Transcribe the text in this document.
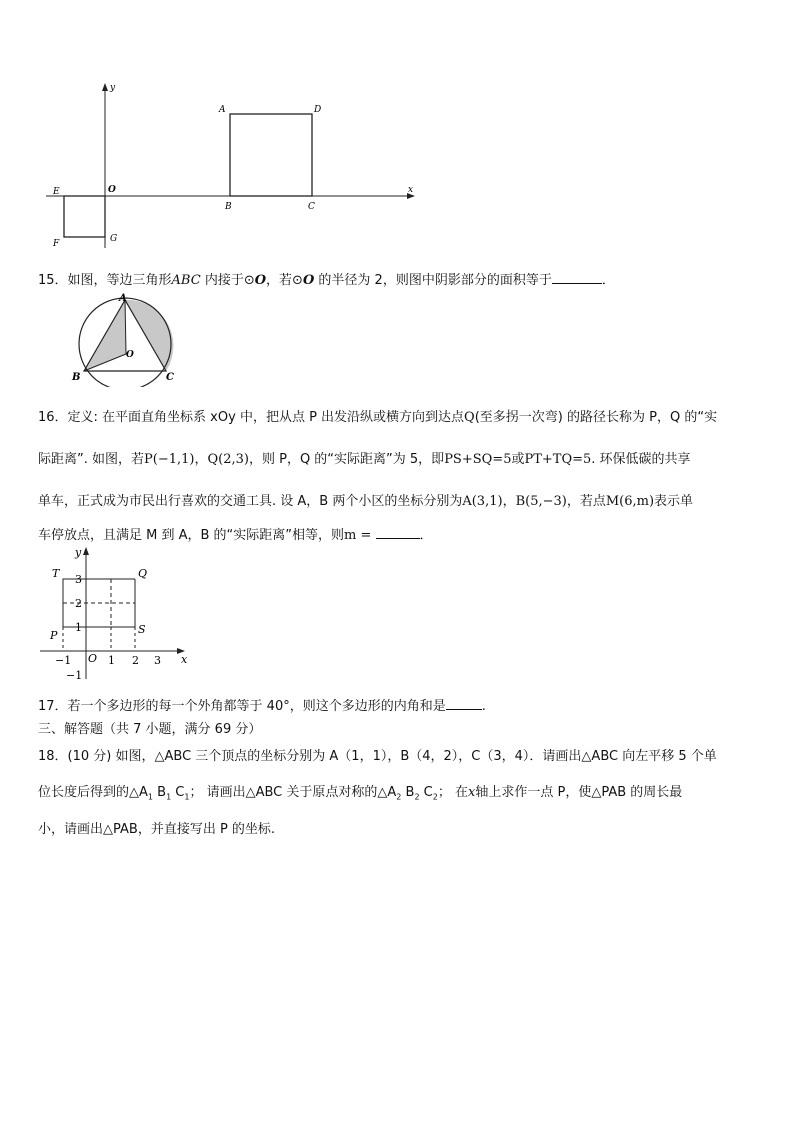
y
x
O
A	D
B	C
E
F	G
15．如图，等边三角形ABC 内接于⊙O，若⊙O 的半径为 2，则图中阴影部分的面积等于	．
A
B	C
O
16．定义: 在平面直角坐标系 xOy 中，把从点 P 出发沿纵或横方向到达点Q(至多拐一次弯) 的路径长称为 P，Q 的“实
际距离”. 如图，若P(−1,1)，Q(2,3)，则 P，Q 的“实际距离”为 5，即PS+SQ=5或PT+TQ=5. 环保低碳的共享
单车，正式成为市民出行喜欢的交通工具. 设 A，B 两个小区的坐标分别为A(3,1)，B(5,−3)，若点M(6,m)表示单
车停放点，且满足 M 到 A，B 的“实际距离”相等，则m =	．
y
x
O
T	Q
P	S
−1	1 2 3
3
2
1
−1
17．若一个多边形的每一个外角都等于 40°，则这个多边形的内角和是	.
三、解答题（共 7 小题，满分 69 分）
18．(10 分) 如图，△ABC 三个顶点的坐标分别为 A（1，1），B（4，2），C（3，4）．请画出△ABC 向左平移 5 个单
位长度后得到的$\triangle A_1$ $B_1$ $C_1$； 请画出△ABC 关于原点对称的$\triangle A_2$ $B_2$ $C_2$； 在x轴上求作一点 P，使△PAB 的周长最
小，请画出△PAB，并直接写出 P 的坐标.
